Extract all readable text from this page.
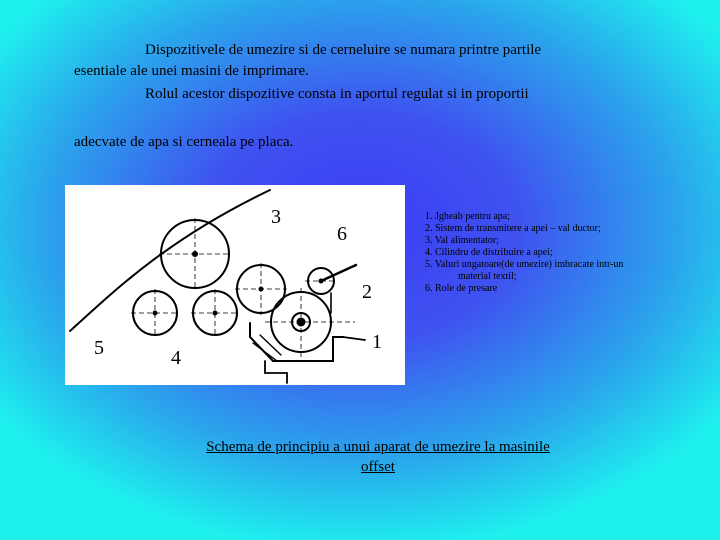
Dispozitivele de umezire si de cerneluire se numara printre partile
esentiale ale unei masini de imprimare.
Rolul acestor dispozitive consta in aportul regulat si in proportii
adecvate de apa si cerneala pe placa.
3
6
2
1
5	4
1. Jgheab pentru apa;
2. Sistem de transmitere a apei – val ductor;
3. Val alimentator;
4. Cilindru de distribuire a apei;
5. Valuri ungatoare(de umezire) imbracate intr-un
material textil;
6. Role de presare
Schema de principiu a unui aparat de umezire la masinile
offset
